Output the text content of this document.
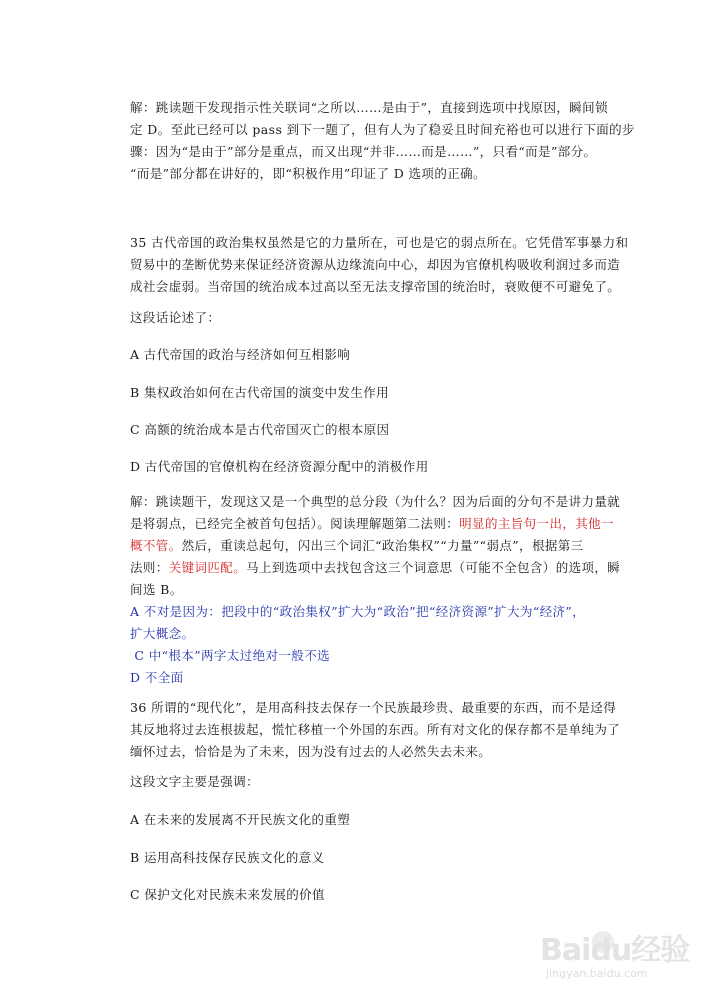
解：跳读题干发现指示性关联词“之所以……是由于”，直接到选项中找原因，瞬间锁
定 D。至此已经可以 pass 到下一题了，但有人为了稳妥且时间充裕也可以进行下面的步
骤：因为“是由于”部分是重点，而又出现“并非……而是……”，只看“而是”部分。
“而是”部分都在讲好的，即“积极作用”印证了 D 选项的正确。
35 古代帝国的政治集权虽然是它的力量所在，可也是它的弱点所在。它凭借军事暴力和
贸易中的垄断优势来保证经济资源从边缘流向中心，却因为官僚机构吸收利润过多而造
成社会虚弱。当帝国的统治成本过高以至无法支撑帝国的统治时，衰败便不可避免了。
这段话论述了：
A 古代帝国的政治与经济如何互相影响
B 集权政治如何在古代帝国的演变中发生作用
C 高额的统治成本是古代帝国灭亡的根本原因
D 古代帝国的官僚机构在经济资源分配中的消极作用
解：跳读题干，发现这又是一个典型的总分段（为什么？因为后面的分句不是讲力量就
是将弱点，已经完全被首句包括）。阅读理解题第二法则：明显的主旨句一出，其他一
概不管。然后，重读总起句，闪出三个词汇“政治集权”“力量”“弱点”，根据第三
法则：关键词匹配。马上到选项中去找包含这三个词意思（可能不全包含）的选项，瞬
间选 B。
A 不对是因为：把段中的“政治集权”扩大为“政治”把“经济资源”扩大为“经济”，
扩大概念。
C 中“根本”两字太过绝对一般不选
D 不全面
36 所谓的“现代化”，是用高科技去保存一个民族最珍贵、最重要的东西，而不是迳得
其反地将过去连根拔起，慌忙移植一个外国的东西。所有对文化的保存都不是单纯为了
缅怀过去，恰恰是为了未来，因为没有过去的人必然失去未来。
这段文字主要是强调：
A 在未来的发展离不开民族文化的重塑
B 运用高科技保存民族文化的意义
C 保护文化对民族未来发展的价值
Baidu经验
jingyan.baidu.com
